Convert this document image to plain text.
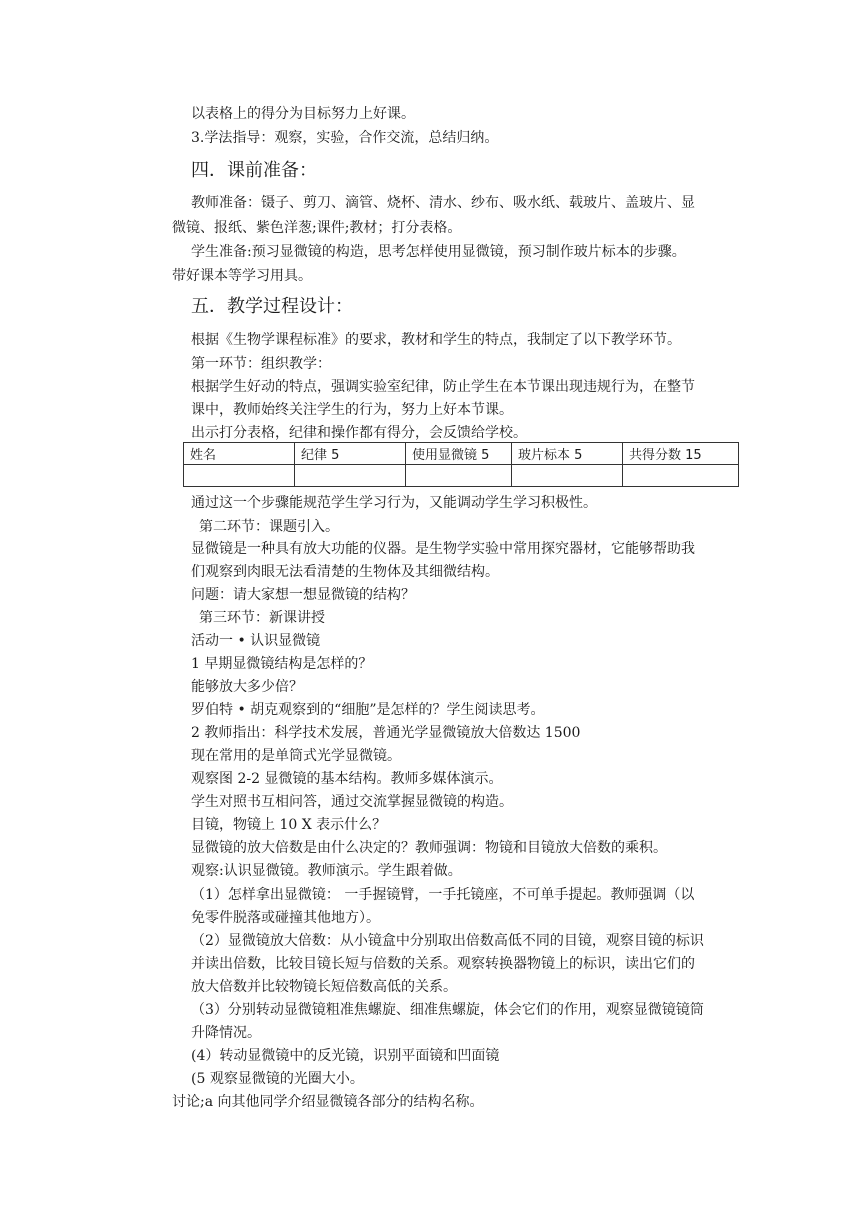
以表格上的得分为目标努力上好课。
3.学法指导：观察，实验，合作交流，总结归纳。
四．课前准备：
教师准备：镊子、剪刀、滴管、烧杯、清水、纱布、吸水纸、载玻片、盖玻片、显
微镜、报纸、紫色洋葱;课件;教材；打分表格。
学生准备:预习显微镜的构造，思考怎样使用显微镜，预习制作玻片标本的步骤。
带好课本等学习用具。
五．教学过程设计：
根据《生物学课程标准》的要求，教材和学生的特点，我制定了以下教学环节。
第一环节：组织教学：
根据学生好动的特点，强调实验室纪律，防止学生在本节课出现违规行为，在整节
课中，教师始终关注学生的行为，努力上好本节课。
出示打分表格，纪律和操作都有得分，会反馈给学校。
姓名	纪律 5	使用显微镜 5	玻片标本 5	共得分数 15

通过这一个步骤能规范学生学习行为，又能调动学生学习积极性。
第二环节：课题引入。
显微镜是一种具有放大功能的仪器。是生物学实验中常用探究器材，它能够帮助我
们观察到肉眼无法看清楚的生物体及其细微结构。
问题：请大家想一想显微镜的结构？
第三环节：新课讲授
活动一 • 认识显微镜
1 早期显微镜结构是怎样的？
能够放大多少倍？
罗伯特 • 胡克观察到的“细胞”是怎样的？学生阅读思考。
2 教师指出：科学技术发展，普通光学显微镜放大倍数达 1500
现在常用的是单筒式光学显微镜。
观察图 2-2 显微镜的基本结构。教师多媒体演示。
学生对照书互相问答，通过交流掌握显微镜的构造。
目镜，物镜上 10 X 表示什么？
显微镜的放大倍数是由什么决定的？教师强调：物镜和目镜放大倍数的乘积。
观察:认识显微镜。教师演示。学生跟着做。
（1）怎样拿出显微镜： 一手握镜臂，一手托镜座，不可单手提起。教师强调（以
免零件脱落或碰撞其他地方）。
（2）显微镜放大倍数：从小镜盒中分别取出倍数高低不同的目镜，观察目镜的标识
并读出倍数，比较目镜长短与倍数的关系。观察转换器物镜上的标识，读出它们的
放大倍数并比较物镜长短倍数高低的关系。
（3）分别转动显微镜粗准焦螺旋、细准焦螺旋，体会它们的作用，观察显微镜镜筒
升降情况。
(4）转动显微镜中的反光镜，识别平面镜和凹面镜
(5 观察显微镜的光圈大小。
讨论;a 向其他同学介绍显微镜各部分的结构名称。
